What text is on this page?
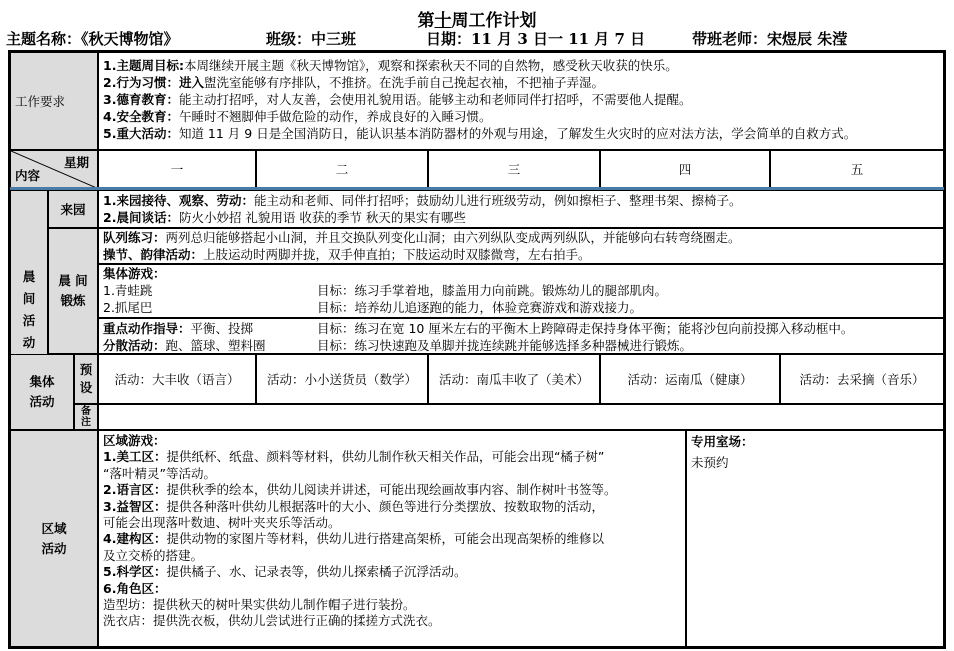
第十周工作计划
主题名称：《秋天博物馆》	班级：中三班	日期：11 月 3 日一 11 月 7 日	带班老师：宋煜辰 朱滢
工作要求
1.主题周目标:本周继续开展主题《秋天博物馆》，观察和探索秋天不同的自然物，感受秋天收获的快乐。
2.行为习惯：进入盥洗室能够有序排队，不推挤。在洗手前自己挽起衣袖，不把袖子弄湿。
3.德育教育：能主动打招呼，对人友善，会使用礼貌用语。能够主动和老师同伴打招呼，不需要他人提醒。
4.安全教育：午睡时不翘脚伸手做危险的动作，养成良好的入睡习惯。
5.重大活动：知道 11 月 9 日是全国消防日，能认识基本消防器材的外观与用途，了解发生火灾时的应对法方法，学会简单的自救方式。
星期
内容	一	二	三	四	五
晨
间
活
动
来园
1.来园接待、观察、劳动：能主动和老师、同伴打招呼；鼓励幼儿进行班级劳动，例如擦柜子、整理书架、擦椅子。
2.晨间谈话：防火小妙招 礼貌用语 收获的季节 秋天的果实有哪些
晨 间
锻炼
队列练习：两列总归能够搭起小山洞，并且交换队列变化山洞；由六列纵队变成两列纵队，并能够向右转弯绕圈走。
操节、韵律活动：上肢运动时两脚并拢，双手伸直拍；下肢运动时双膝微弯，左右拍手。
集体游戏：
1.青蛙跳	目标：练习手掌着地，膝盖用力向前跳。锻炼幼儿的腿部肌肉。
2.抓尾巴	目标：培养幼儿追逐跑的能力，体验竞赛游戏和游戏接力。
重点动作指导：平衡、投掷	目标：练习在宽 10 厘米左右的平衡木上跨障碍走保持身体平衡；能将沙包向前投掷入移动框中。
分散活动：跑、篮球、塑料圈	目标：练习快速跑及单脚并拢连续跳并能够选择多种器械进行锻炼。
集体
活动
预
设
备
注
活动：大丰收（语言）	活动：小小送货员（数学）	活动：南瓜丰收了（美术）	活动：运南瓜（健康）	活动：去采摘（音乐）
区域
活动
区域游戏：
1.美工区：提供纸杯、纸盘、颜料等材料，供幼儿制作秋天相关作品，可能会出现“橘子树”
“落叶精灵”等活动。
2.语言区：提供秋季的绘本，供幼儿阅读并讲述，可能出现绘画故事内容、制作树叶书签等。
3.益智区：提供各种落叶供幼儿根据落叶的大小、颜色等进行分类摆放、按数取物的活动，
可能会出现落叶数迪、树叶夹夹乐等活动。
4.建构区：提供动物的家图片等材料，供幼儿进行搭建高架桥，可能会出现高架桥的维修以
及立交桥的搭建。
5.科学区：提供橘子、水、记录表等，供幼儿探索橘子沉浮活动。
6.角色区：
造型坊：提供秋天的树叶果实供幼儿制作帽子进行装扮。
洗衣店：提供洗衣板，供幼儿尝试进行正确的揉搓方式洗衣。
专用室场：
未预约
